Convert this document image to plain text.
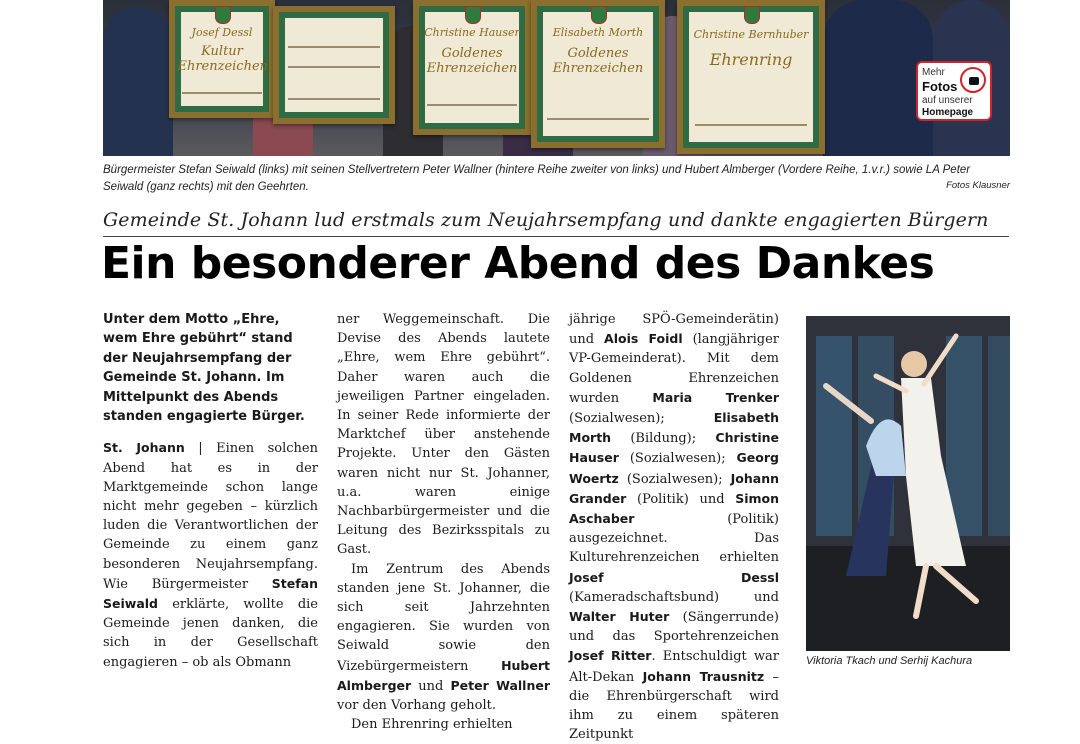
Josef Dessl
Kultur Ehrenzeichen
Christine Hauser
Goldenes Ehrenzeichen
Elisabeth Morth
Goldenes Ehrenzeichen
Christine Bernhuber
Ehrenring
Mehr
Fotos
auf unserer
Homepage
Bürgermeister Stefan Seiwald (links) mit seinen Stellvertretern Peter Wallner (hintere Reihe zweiter von links) und Hubert Almberger (Vordere Reihe, 1.v.r.) sowie LA Peter Seiwald (ganz rechts) mit den Geehrten.	Fotos Klausner
Gemeinde St. Johann lud erstmals zum Neujahrsempfang und dankte engagierten Bürgern
Ein besonderer Abend des Dankes

Unter dem Motto „Ehre, wem Ehre gebührt“ stand der Neujahrsempfang der Gemeinde St. Johann. Im Mittelpunkt des Abends standen engagierte Bürger.

St. Johann | Einen solchen Abend hat es in der Marktgemeinde schon lange nicht mehr gegeben – kürzlich luden die Verantwortlichen der Gemeinde zu einem ganz besonderen Neujahrsempfang. Wie Bürgermeister Stefan Seiwald erklärte, wollte die Gemeinde jenen danken, die sich in der Gesellschaft engagieren – ob als Obmann

ner Weggemeinschaft. Die Devise des Abends lautete „Ehre, wem Ehre gebührt“. Daher waren auch die jeweiligen Partner eingeladen. In seiner Rede informierte der Marktchef über anstehende Projekte. Unter den Gästen waren nicht nur St. Johanner, u.a. waren einige Nachbarbürgermeister und die Leitung des Bezirksspitals zu Gast.

Im Zentrum des Abends standen jene St. Johanner, die sich seit Jahrzehnten engagieren. Sie wurden von Seiwald sowie den Vizebürgermeistern Hubert Almberger und Peter Wallner vor den Vorhang geholt.

Den Ehrenring erhielten

jährige SPÖ-Gemeinderätin) und Alois Foidl (langjähriger VP-Gemeinderat). Mit dem Goldenen Ehrenzeichen wurden Maria Trenker (Sozialwesen); Elisabeth Morth (Bildung); Christine Hauser (Sozialwesen); Georg Woertz (Sozialwesen); Johann Grander (Politik) und Simon Aschaber (Politik) ausgezeichnet. Das Kulturehrenzeichen erhielten Josef Dessl (Kameradschaftsbund) und Walter Huter (Sängerrunde) und das Sportehrenzeichen Josef Ritter. Entschuldigt war Alt-Dekan Johann Trausnitz – die Ehrenbürgerschaft wird ihm zu einem späteren Zeitpunkt

Viktoria Tkach und Serhij Kachura
